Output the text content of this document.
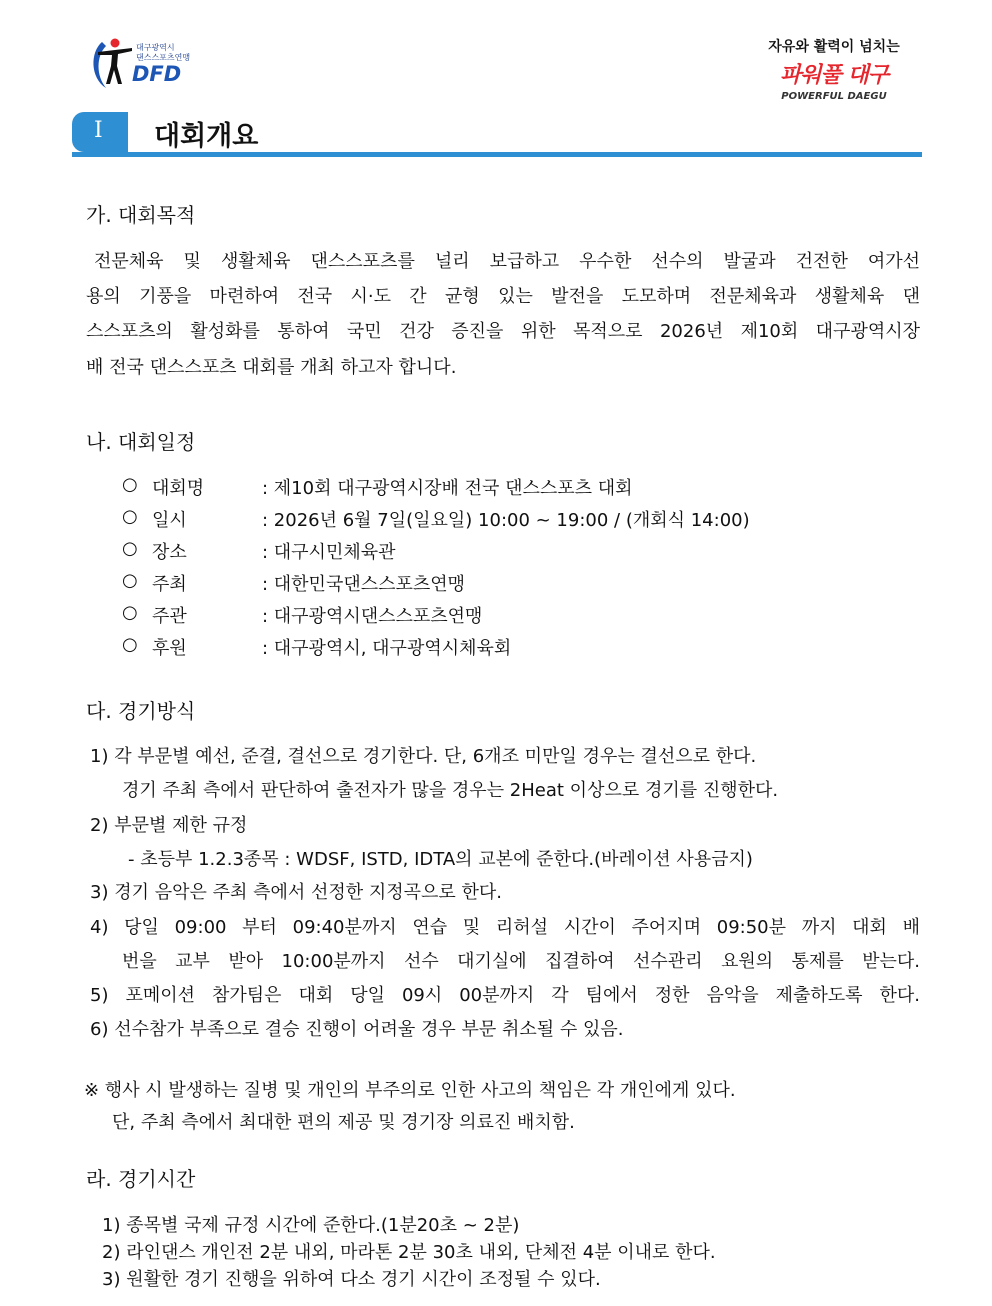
대구광역시
댄스스포츠연맹
DFD
자유와 활력이 넘치는
파워풀 대구
POWERFUL DAEGU
Ⅰ	대회개요
가. 대회목적
전문체육 및 생활체육 댄스스포츠를 널리 보급하고 우수한 선수의 발굴과 건전한 여가선
용의 기풍을 마련하여 전국 시·도 간 균형 있는 발전을 도모하며 전문체육과 생활체육 댄
스스포츠의 활성화를 통하여 국민 건강 증진을 위한 목적으로 2026년 제10회 대구광역시장
배 전국 댄스스포츠 대회를 개최 하고자 합니다.
나. 대회일정
○ 대회명	: 제10회 대구광역시장배 전국 댄스스포츠 대회
○ 일시	: 2026년 6월 7일(일요일) 10:00 ~ 19:00 / (개회식 14:00)
○ 장소	: 대구시민체육관
○ 주최	: 대한민국댄스스포츠연맹
○ 주관	: 대구광역시댄스스포츠연맹
○ 후원	: 대구광역시, 대구광역시체육회
다. 경기방식
1) 각 부문별 예선, 준결, 결선으로 경기한다. 단, 6개조 미만일 경우는 결선으로 한다.
경기 주최 측에서 판단하여 출전자가 많을 경우는 2Heat 이상으로 경기를 진행한다.
2) 부문별 제한 규정
- 초등부 1.2.3종목 : WDSF, ISTD, IDTA의 교본에 준한다.(바레이션 사용금지)
3) 경기 음악은 주최 측에서 선정한 지정곡으로 한다.
4) 당일 09:00 부터 09:40분까지 연습 및 리허설 시간이 주어지며 09:50분 까지 대회 배
번을 교부 받아 10:00분까지 선수 대기실에 집결하여 선수관리 요원의 통제를 받는다.
5) 포메이션 참가팀은 대회 당일 09시 00분까지 각 팀에서 정한 음악을 제출하도록 한다.
6) 선수참가 부족으로 결승 진행이 어려울 경우 부문 취소될 수 있음.
※ 행사 시 발생하는 질병 및 개인의 부주의로 인한 사고의 책임은 각 개인에게 있다.
단, 주최 측에서 최대한 편의 제공 및 경기장 의료진 배치함.
라. 경기시간
1) 종목별 국제 규정 시간에 준한다.(1분20초 ~ 2분)
2) 라인댄스 개인전 2분 내외, 마라톤 2분 30초 내외, 단체전 4분 이내로 한다.
3) 원활한 경기 진행을 위하여 다소 경기 시간이 조정될 수 있다.
